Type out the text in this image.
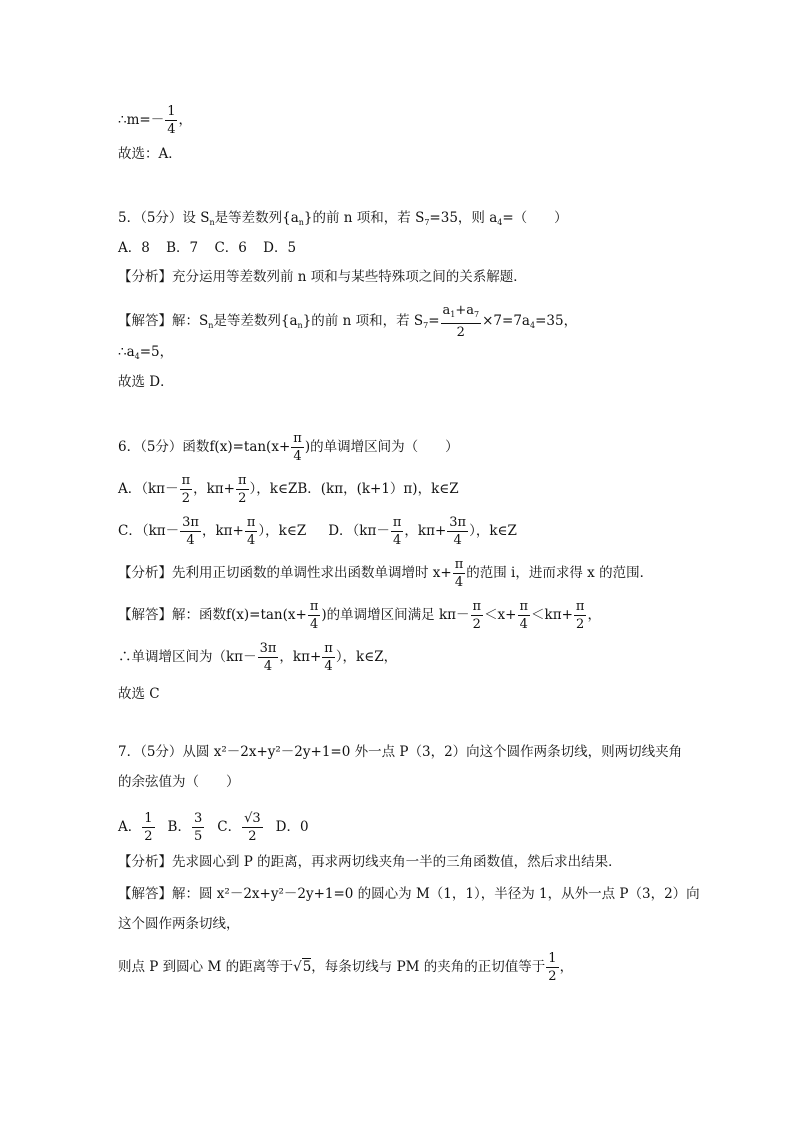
∴m=－ $\frac{1}{4}$ ，
故选：A．
5．（5分）设 $S_n$是等差数列$\{a_n\}$的前 n 项和，若 $S_7=35$，则 $a_4=$（　　）
A．8 B．7 C．6 D．5
【分析】充分运用等差数列前 n 项和与某些特殊项之间的关系解题．
【解答】解：$S_n$是等差数列$\{a_n\}$的前 n 项和，若 $S_7= \frac{a_1+a_7}{2} \times 7=7a_4=35$，
$\therefore a_4=5$，
故选 D．
6．（5分）函数$f(x)=\tan(x+ \frac{\pi}{4}$ )的单调增区间为（　　）
A．（$k\pi- \frac{\pi}{2}$ ，$k\pi+ \frac{\pi}{2}$ ），k∈ZB．(kπ，(k+1）π)，k∈Z
C．（$k\pi- \frac{3\pi}{4}$ ，$k\pi+ \frac{\pi}{4}$ ），k∈Z D．（$k\pi- \frac{\pi}{4}$ ，$k\pi+ \frac{3\pi}{4}$ ），k∈Z
【分析】先利用正切函数的单调性求出函数单调增时 $x+ \frac{\pi}{4}$ 的范围 i，进而求得 x 的范围．
【解答】解：函数$f(x)=\tan(x+ \frac{\pi}{4}$ )的单调增区间满足 $k\pi- \frac{\pi}{2} <x+ \frac{\pi}{4} <k\pi+ \frac{\pi}{2}$ ，
∴单调增区间为（$k\pi- \frac{3\pi}{4}$ ，$k\pi+ \frac{\pi}{4}$ ），k∈Z，
故选 C
7．（5分）从圆 x²－2x+y²－2y+1=0 外一点 P（3，2）向这个圆作两条切线，则两切线夹角
的余弦值为（　　）
A． $\frac{1}{2}$ B． $\frac{3}{5}$ C． $\frac{√3}{2}$ D．0
【分析】先求圆心到 P 的距离，再求两切线夹角一半的三角函数值，然后求出结果．
【解答】解：圆 x²－2x+y²－2y+1=0 的圆心为 M（1，1），半径为 1，从外一点 P（3，2）向
这个圆作两条切线，
则点 P 到圆心 M 的距离等于√5，每条切线与 PM 的夹角的正切值等于 $\frac{1}{2}$ ，
